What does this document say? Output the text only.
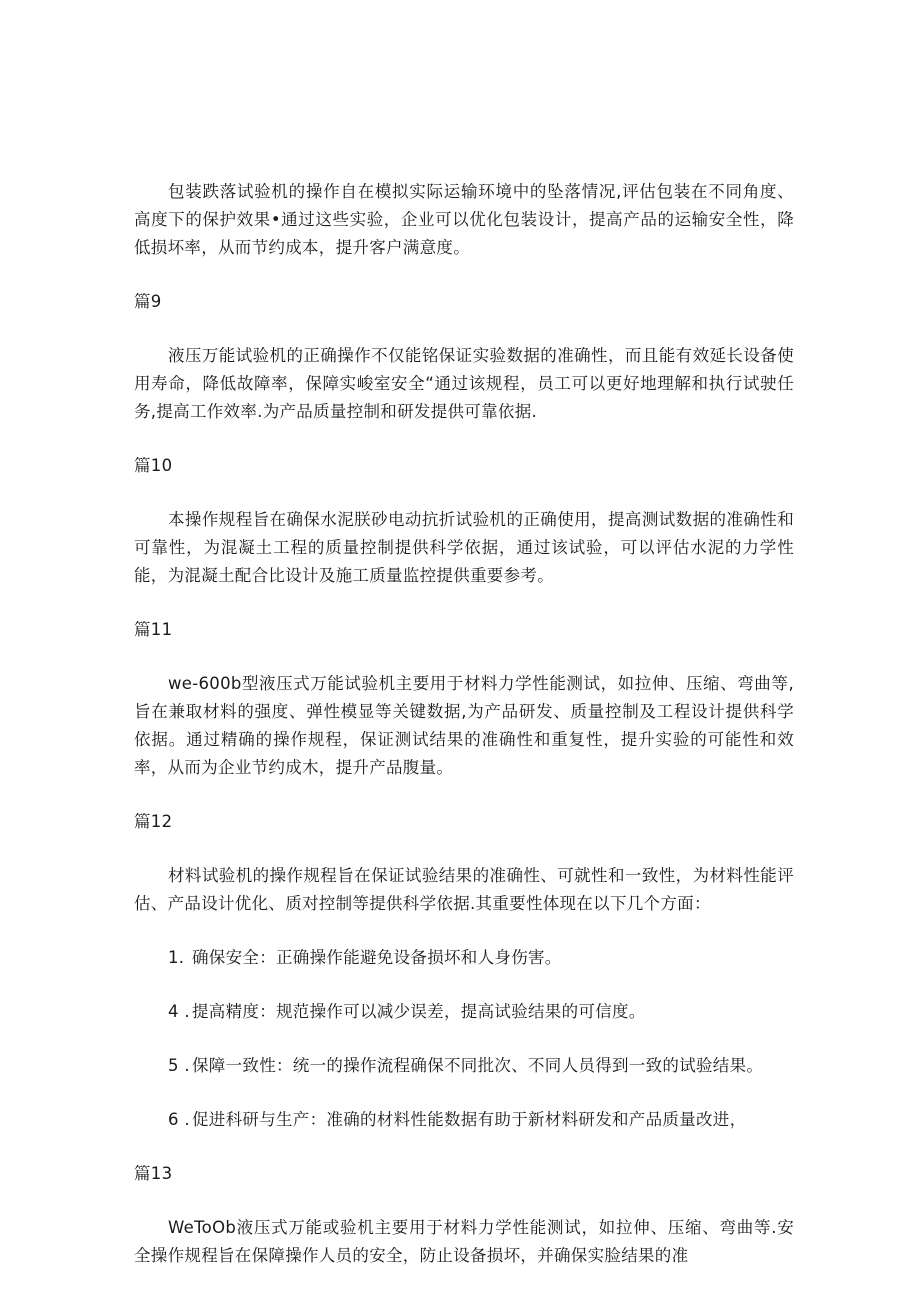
包装跌落试验机的操作自在模拟实际运输环境中的坠落情况,评估包装在不同角度、高度下的保护效果•通过这些实验，企业可以优化包装设计，提高产品的运输安全性，降低损坏率，从而节约成本，提升客户满意度。

篇9

液压万能试验机的正确操作不仅能铭保证实验数据的准确性，而且能有效延长设备使用寿命，降低故障率，保障实峻室安全“通过该规程，员工可以更好地理解和执行试驶任务,提高工作效率.为产品质量控制和研发提供可靠依据.

篇10

本操作规程旨在确保水泥朕砂电动抗折试验机的正确使用，提高测试数据的准确性和可靠性，为混凝土工程的质量控制提供科学依据，通过该试验，可以评估水泥的力学性能，为混凝土配合比设计及施工质量监控提供重要参考。

篇11

we-600b型液压式万能试验机主要用于材料力学性能测试，如拉伸、压缩、弯曲等,旨在兼取材料的强度、弹性模显等关键数据,为产品研发、质量控制及工程设计提供科学依据。通过精确的操作规程，保证测试结果的准确性和重复性，提升实验的可能性和效率，从而为企业节约成木，提升产品腹量。

篇12

材料试验机的操作规程旨在保证试验结果的准确性、可就性和一致性，为材料性能评估、产品设计优化、质对控制等提供科学依据.其重要性体现在以下几个方面：

1. 确保安全：正确操作能避免设备损坏和人身伤害。

4 . 提高精度：规范操作可以减少误差，提高试验结果的可信度。

5 . 保障一致性：统一的操作流程确保不同批次、不同人员得到一致的试验结果。

6 . 促进科研与生产：准确的材料性能数据有助于新材料研发和产品质量改进，

篇13

WeToOb液压式万能或验机主要用于材料力学性能测试，如拉伸、压缩、弯曲等.安全操作规程旨在保障操作人员的安全，防止设备损坏，并确保实脸结果的准
